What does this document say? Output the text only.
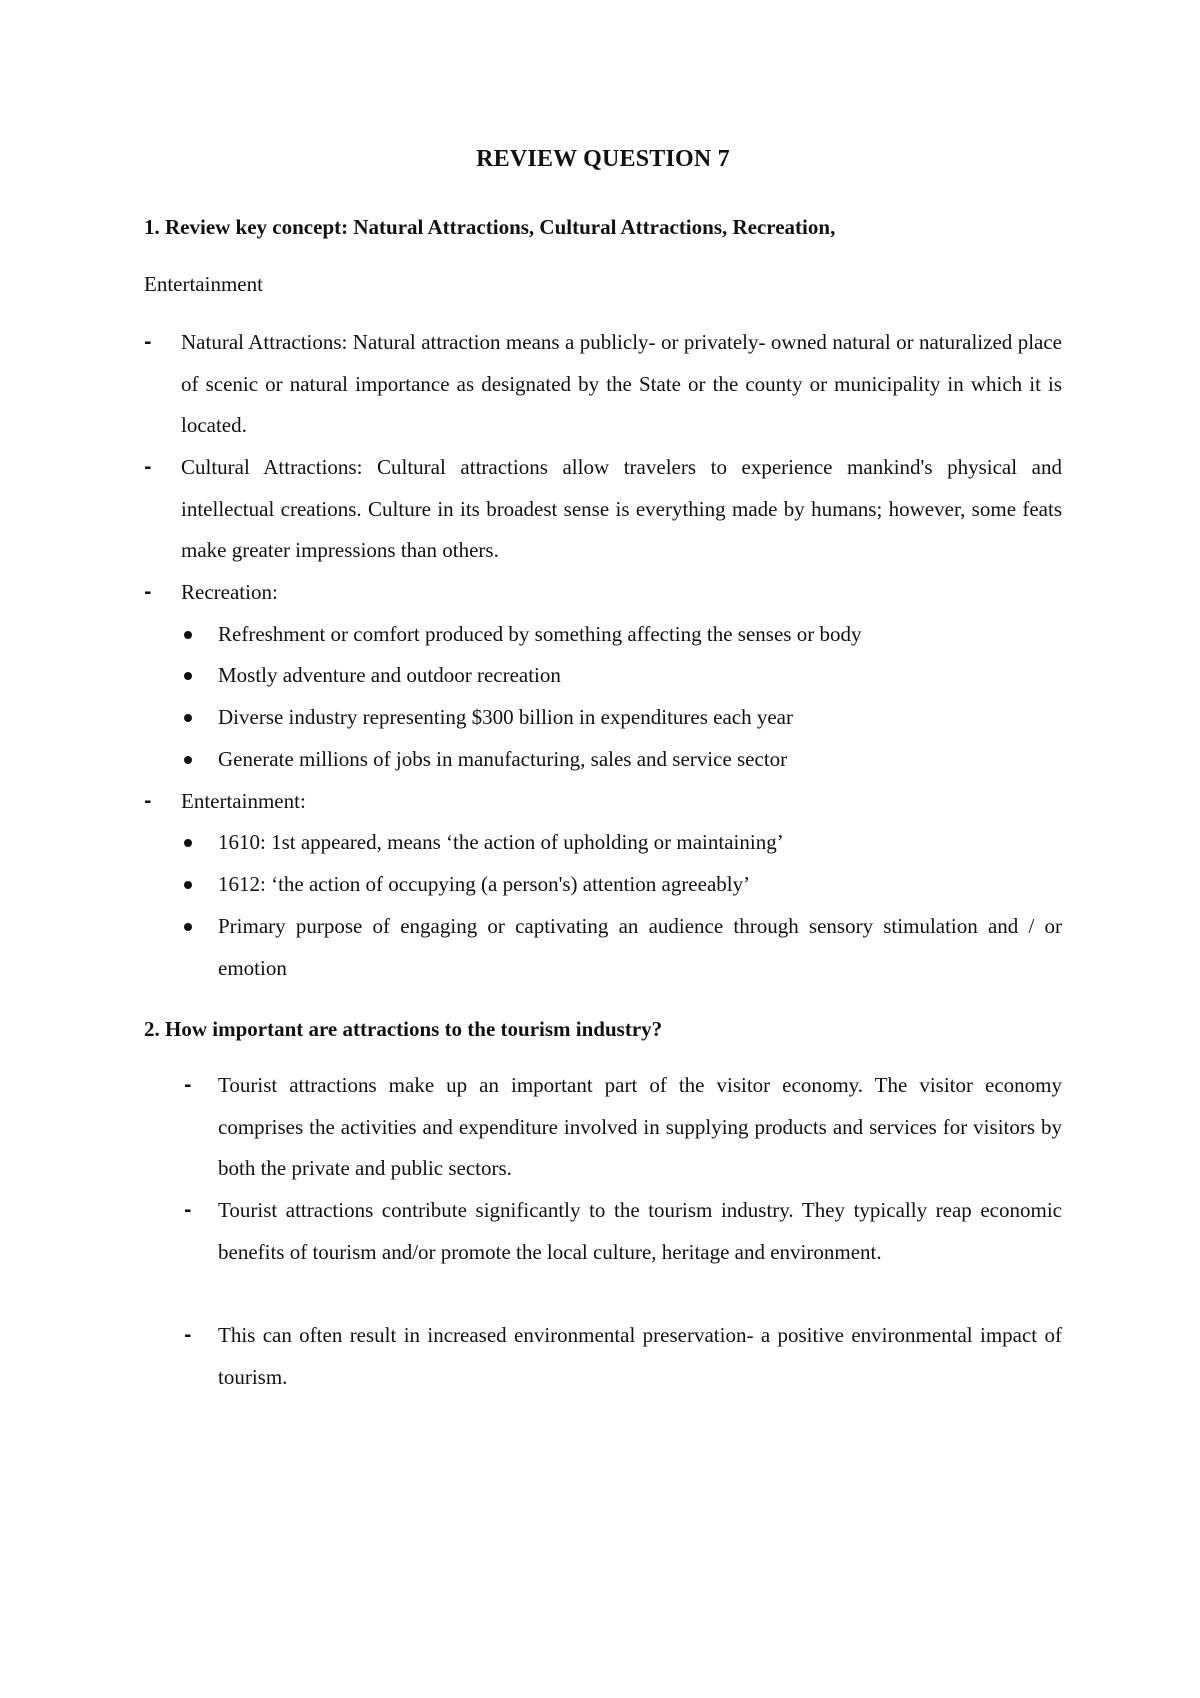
REVIEW QUESTION 7
1. Review key concept: Natural Attractions, Cultural Attractions, Recreation,
Entertainment
- Natural Attractions: Natural attraction means a publicly- or privately- owned natural or naturalized place of scenic or natural importance as designated by the State or the county or municipality in which it is located.
- Cultural Attractions: Cultural attractions allow travelers to experience mankind's physical and intellectual creations. Culture in its broadest sense is everything made by humans; however, some feats make greater impressions than others.
- Recreation:
Refreshment or comfort produced by something affecting the senses or body
Mostly adventure and outdoor recreation
Diverse industry representing $300 billion in expenditures each year
Generate millions of jobs in manufacturing, sales and service sector
- Entertainment:
1610: 1st appeared, means ‘the action of upholding or maintaining’
1612: ‘the action of occupying (a person's) attention agreeably’
Primary purpose of engaging or captivating an audience through sensory stimulation and / or emotion
2. How important are attractions to the tourism industry?
- Tourist attractions make up an important part of the visitor economy. The visitor economy comprises the activities and expenditure involved in supplying products and services for visitors by both the private and public sectors.
- Tourist attractions contribute significantly to the tourism industry. They typically reap economic benefits of tourism and/or promote the local culture, heritage and environment.
- This can often result in increased environmental preservation- a positive environmental impact of tourism.
